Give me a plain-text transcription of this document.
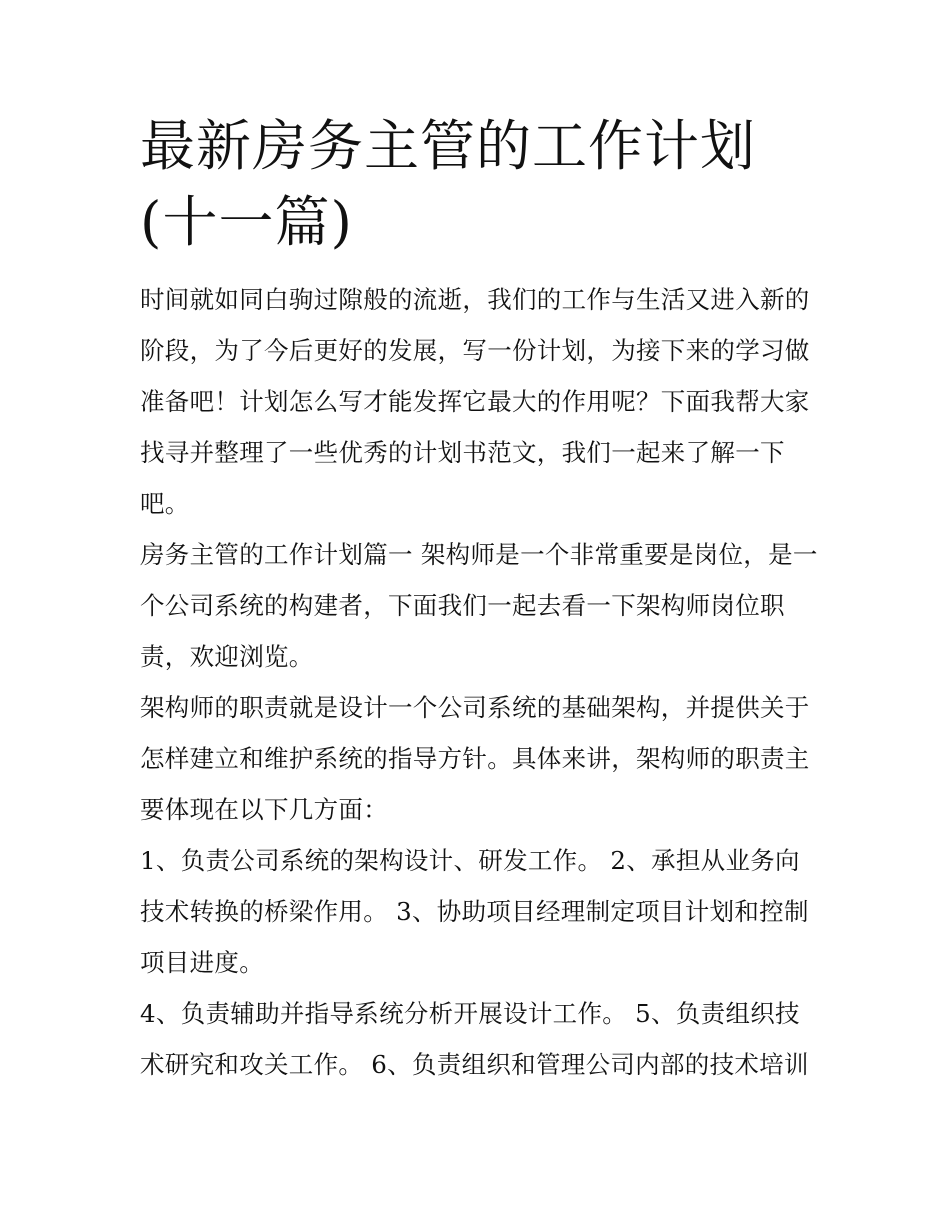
最新房务主管的工作计划(十一篇)

时间就如同白驹过隙般的流逝，我们的工作与生活又进入新的阶段，为了今后更好的发展，写一份计划，为接下来的学习做准备吧！计划怎么写才能发挥它最大的作用呢？下面我帮大家找寻并整理了一些优秀的计划书范文，我们一起来了解一下吧。

房务主管的工作计划篇一 架构师是一个非常重要是岗位，是一个公司系统的构建者，下面我们一起去看一下架构师岗位职责，欢迎浏览。

架构师的职责就是设计一个公司系统的基础架构，并提供关于怎样建立和维护系统的指导方针。具体来讲，架构师的职责主要体现在以下几方面：

1、负责公司系统的架构设计、研发工作。 2、承担从业务向技术转换的桥梁作用。 3、协助项目经理制定项目计划和控制项目进度。

4、负责辅助并指导系统分析开展设计工作。 5、负责组织技术研究和攻关工作。 6、负责组织和管理公司内部的技术培训
